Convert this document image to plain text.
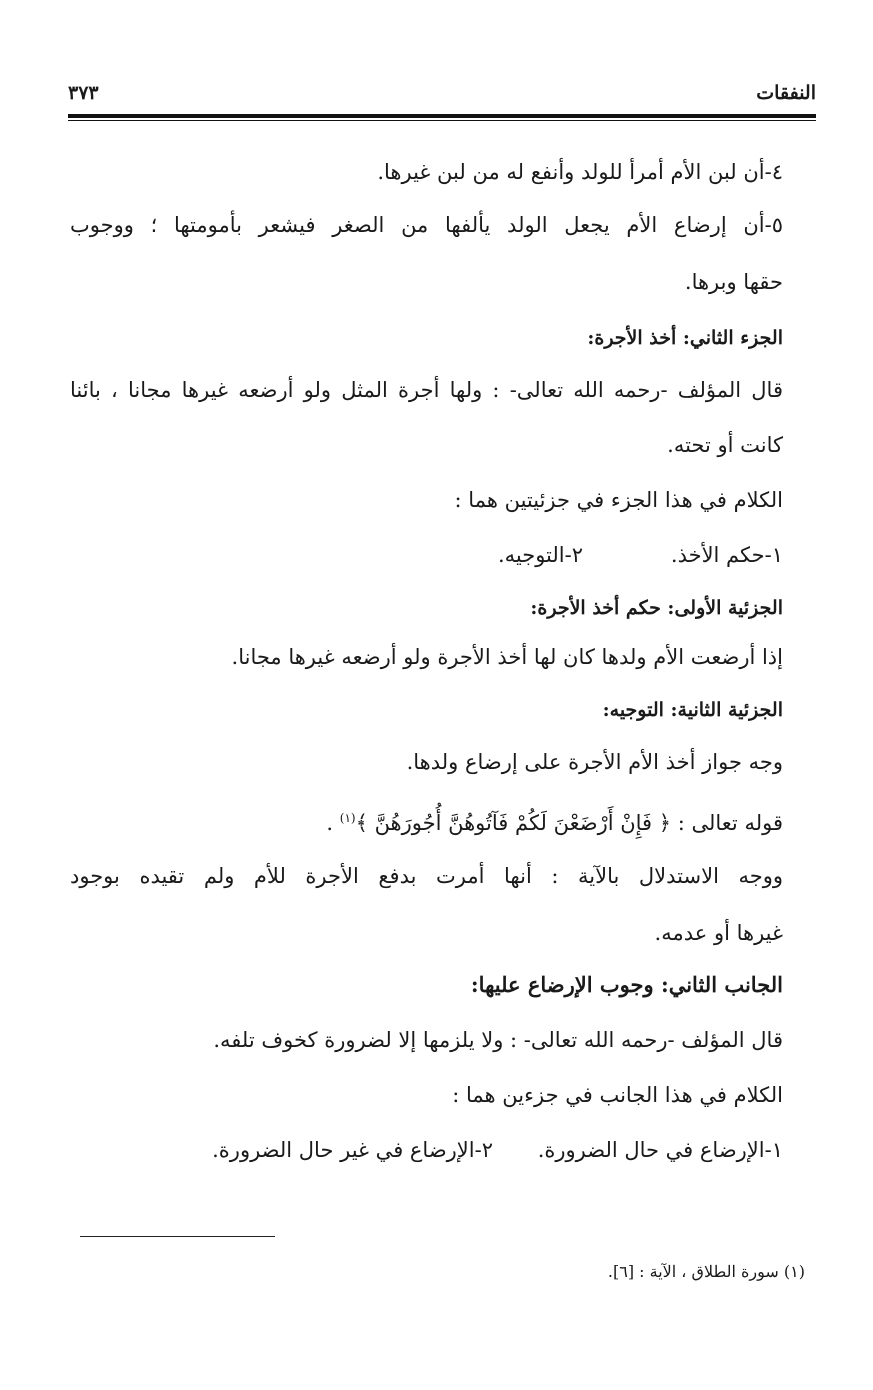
النفقات
٣٧٣
٤-أن لبن الأم أمرأ للولد وأنفع له من لبن غيرها.
٥-أن إرضاع الأم يجعل الولد يألفها من الصغر فيشعر بأمومتها ؛ ووجوب
حقها وبرها.
الجزء الثاني: أخذ الأجرة:
قال المؤلف -رحمه الله تعالى- : ولها أجرة المثل ولو أرضعه غيرها مجانا ، بائنا
كانت أو تحته.
الكلام في هذا الجزء في جزئيتين هما :
١-حكم الأخذ.
٢-التوجيه.
الجزئية الأولى: حكم أخذ الأجرة:
إذا أرضعت الأم ولدها كان لها أخذ الأجرة ولو أرضعه غيرها مجانا.
الجزئية الثانية: التوجيه:
وجه جواز أخذ الأم الأجرة على إرضاع ولدها.
قوله تعالى : ﴿ فَإِنْ أَرْضَعْنَ لَكُمْ فَآتُوهُنَّ أُجُورَهُنَّ ﴾$^{(١)}$ .
ووجه الاستدلال بالآية : أنها أمرت بدفع الأجرة للأم ولم تقيده بوجود
غيرها أو عدمه.
الجانب الثاني: وجوب الإرضاع عليها:
قال المؤلف -رحمه الله تعالى- : ولا يلزمها إلا لضرورة كخوف تلفه.
الكلام في هذا الجانب في جزءين هما :
١-الإرضاع في حال الضرورة.
٢-الإرضاع في غير حال الضرورة.
(١) سورة الطلاق ، الآية : [٦].
